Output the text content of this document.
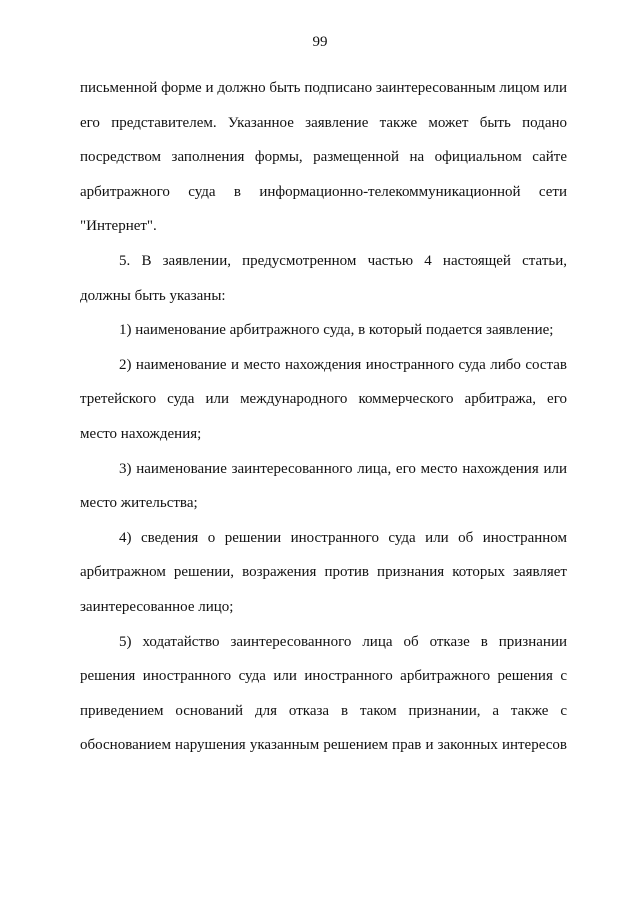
99
письменной форме и должно быть подписано заинтересованным лицом или
его представителем. Указанное заявление также может быть подано
посредством заполнения формы, размещенной на официальном сайте
арбитражного суда в информационно-телекоммуникационной сети
"Интернет".
5. В заявлении, предусмотренном частью 4 настоящей статьи,
должны быть указаны:
1) наименование арбитражного суда, в который подается заявление;
2) наименование и место нахождения иностранного суда либо состав
третейского суда или международного коммерческого арбитража, его
место нахождения;
3) наименование заинтересованного лица, его место нахождения или
место жительства;
4) сведения о решении иностранного суда или об иностранном
арбитражном решении, возражения против признания которых заявляет
заинтересованное лицо;
5) ходатайство заинтересованного лица об отказе в признании
решения иностранного суда или иностранного арбитражного решения с
приведением оснований для отказа в таком признании, а также с
обоснованием нарушения указанным решением прав и законных интересов
